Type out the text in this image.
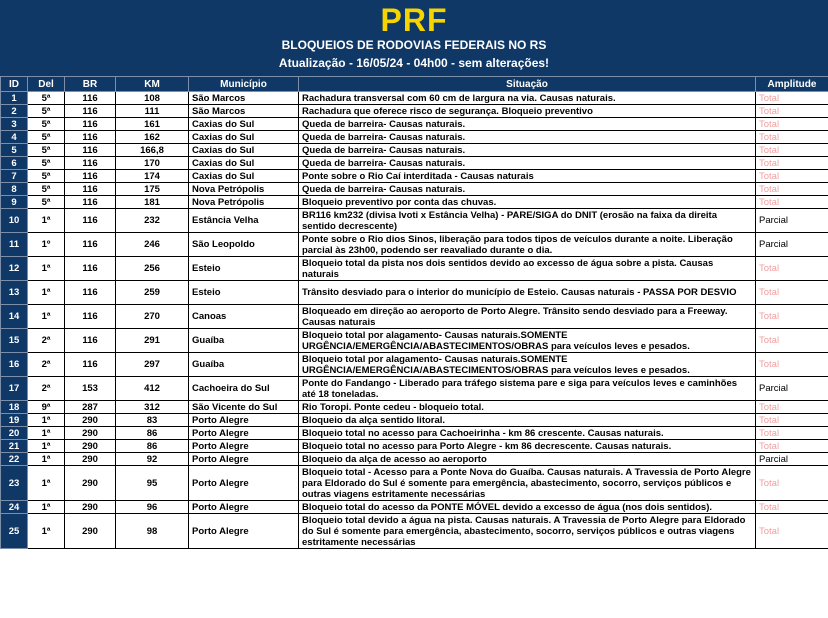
PRF
BLOQUEIOS DE RODOVIAS FEDERAIS NO RS
Atualização - 16/05/24 - 04h00 - sem alterações!
ID	Del	BR	KM	Município	Situação	Amplitude
1	5ª	116	108	São Marcos	Rachadura transversal com 60 cm de largura na via. Causas naturais.	Total
2	5ª	116	111	São Marcos	Rachadura que oferece risco de segurança. Bloqueio preventivo	Total
3	5ª	116	161	Caxias do Sul	Queda de barreira- Causas naturais.	Total
4	5ª	116	162	Caxias do Sul	Queda de barreira- Causas naturais.	Total
5	5ª	116	166,8	Caxias do Sul	Queda de barreira- Causas naturais.	Total
6	5ª	116	170	Caxias do Sul	Queda de barreira- Causas naturais.	Total
7	5ª	116	174	Caxias do Sul	Ponte sobre o Rio Caí interditada - Causas naturais	Total
8	5ª	116	175	Nova Petrópolis	Queda de barreira- Causas naturais.	Total
9	5ª	116	181	Nova Petrópolis	Bloqueio preventivo por conta das chuvas.	Total
10	1ª	116	232	Estância Velha	BR116 km232 (divisa Ivoti x Estância Velha) - PARE/SIGA do DNIT (erosão na faixa da direita sentido decrescente)	Parcial
11	1º	116	246	São Leopoldo	Ponte sobre o Rio dios Sinos, liberação para todos tipos de veículos durante a noite. Liberação parcial às 23h00, podendo ser reavaliado durante o dia.	Parcial
12	1ª	116	256	Esteio	Bloqueio total da pista nos dois sentidos devido ao excesso de água sobre a pista. Causas naturais	Total
13	1ª	116	259	Esteio	Trânsito desviado para o interior do município de Esteio. Causas naturais - PASSA POR DESVIO	Total
14	1ª	116	270	Canoas	Bloqueado em direção ao aeroporto de Porto Alegre. Trânsito sendo desviado para a Freeway. Causas naturais	Total
15	2ª	116	291	Guaíba	Bloqueio total por alagamento- Causas naturais.SOMENTE URGÊNCIA/EMERGÊNCIA/ABASTECIMENTOS/OBRAS para veículos leves e pesados.	Total
16	2ª	116	297	Guaíba	Bloqueio total por alagamento- Causas naturais.SOMENTE URGÊNCIA/EMERGÊNCIA/ABASTECIMENTOS/OBRAS para veículos leves e pesados.	Total
17	2ª	153	412	Cachoeira do Sul	Ponte do Fandango - Liberado para tráfego sistema pare e siga para veículos leves e caminhões até 18 toneladas.	Parcial
18	9ª	287	312	São Vicente do Sul	Rio Toropi. Ponte cedeu - bloqueio total.	Total
19	1ª	290	83	Porto Alegre	Bloqueio da alça sentido litoral.	Total
20	1ª	290	86	Porto Alegre	Bloqueio total no acesso para Cachoeirinha - km 86 crescente. Causas naturais.	Total
21	1ª	290	86	Porto Alegre	Bloqueio total no acesso para Porto Alegre - km 86 decrescente. Causas naturais.	Total
22	1ª	290	92	Porto Alegre	Bloqueio da alça de acesso ao aeroporto	Parcial
23	1ª	290	95	Porto Alegre	Bloqueio total - Acesso para a Ponte Nova do Guaíba. Causas naturais. A Travessia de Porto Alegre para Eldorado do Sul é somente para emergência, abastecimento, socorro, serviços públicos e outras viagens estritamente necessárias	Total
24	1ª	290	96	Porto Alegre	Bloqueio total do acesso da PONTE MÓVEL devido a excesso de água (nos dois sentidos).	Total
25	1ª	290	98	Porto Alegre	Bloqueio total devido a água na pista. Causas naturais. A Travessia de Porto Alegre para Eldorado do Sul é somente para emergência, abastecimento, socorro, serviços públicos e outras viagens estritamente necessárias	Total
